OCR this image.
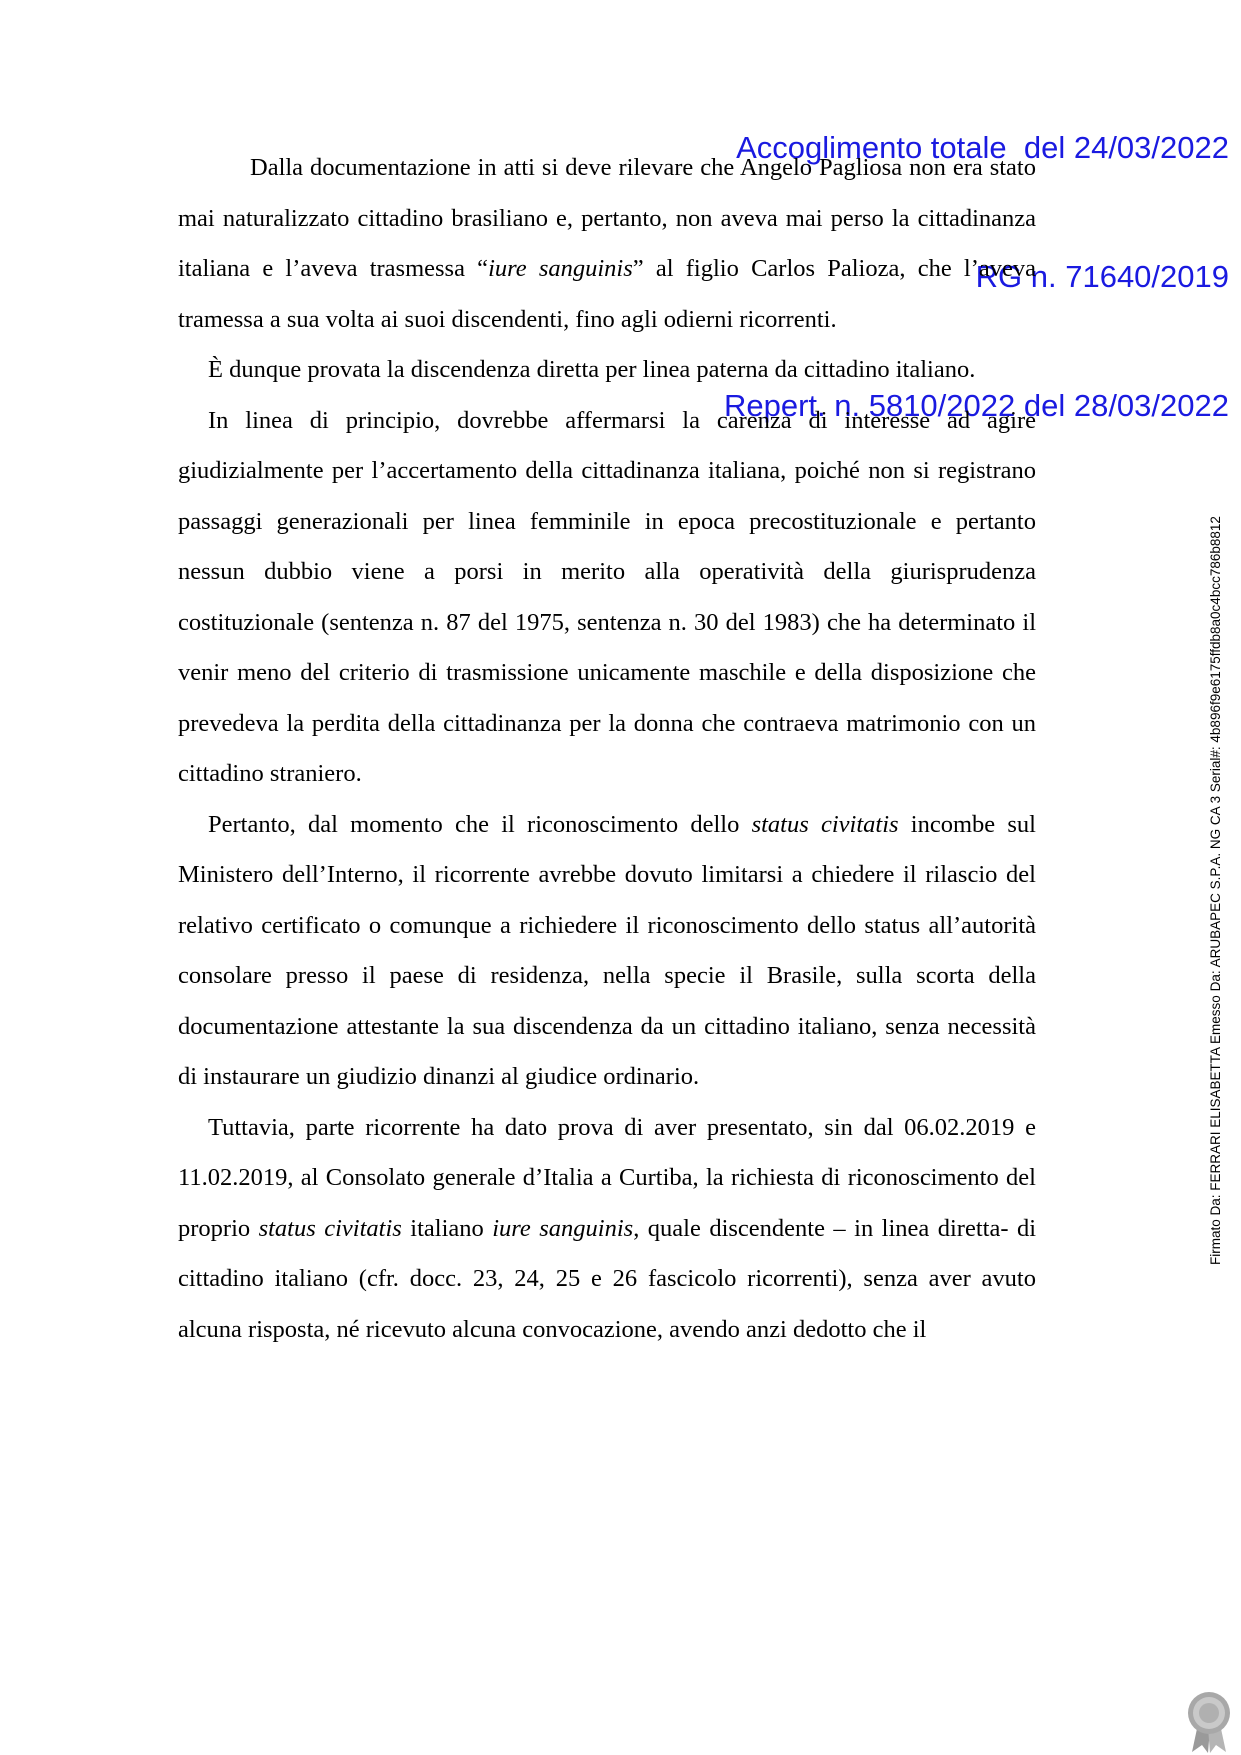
Accoglimento totale  del 24/03/2022

RG n. 71640/2019

Repert. n. 5810/2022 del 28/03/2022

Dalla documentazione in atti si deve rilevare che Angelo Pagliosa non era stato mai naturalizzato cittadino brasiliano e, pertanto, non aveva mai perso la cittadinanza italiana e l’aveva trasmessa “iure sanguinis” al figlio Carlos Palioza, che l’aveva tramessa a sua volta ai suoi discendenti, fino agli odierni ricorrenti.

È dunque provata la discendenza diretta per linea paterna da cittadino italiano.

In linea di principio, dovrebbe affermarsi la carenza di interesse ad agire giudizialmente per l’accertamento della cittadinanza italiana, poiché non si registrano passaggi generazionali per linea femminile in epoca precostituzionale e pertanto nessun dubbio viene a porsi in merito alla operatività della giurisprudenza costituzionale (sentenza n. 87 del 1975, sentenza n. 30 del 1983) che ha determinato il venir meno del criterio di trasmissione unicamente maschile e della disposizione che prevedeva la perdita della cittadinanza per la donna che contraeva matrimonio con un cittadino straniero.

Pertanto, dal momento che il riconoscimento dello status civitatis incombe sul Ministero dell’Interno, il ricorrente avrebbe dovuto limitarsi a chiedere il rilascio del relativo certificato o comunque a richiedere il riconoscimento dello status all’autorità consolare presso il paese di residenza, nella specie il Brasile, sulla scorta della documentazione attestante la sua discendenza da un cittadino italiano, senza necessità di instaurare un giudizio dinanzi al giudice ordinario.

Tuttavia, parte ricorrente ha dato prova di aver presentato, sin dal 06.02.2019 e 11.02.2019, al Consolato generale d’Italia a Curtiba, la richiesta di riconoscimento del proprio status civitatis italiano iure sanguinis, quale discendente – in linea diretta- di cittadino italiano (cfr. docc. 23, 24, 25 e 26 fascicolo ricorrenti), senza aver avuto alcuna risposta, né ricevuto alcuna convocazione, avendo anzi dedotto che il

Firmato Da: FERRARI ELISABETTA Emesso Da: ARUBAPEC S.P.A. NG CA 3 Serial#: 4b896f9e6175ffdb8a0c4bcc786b8812
